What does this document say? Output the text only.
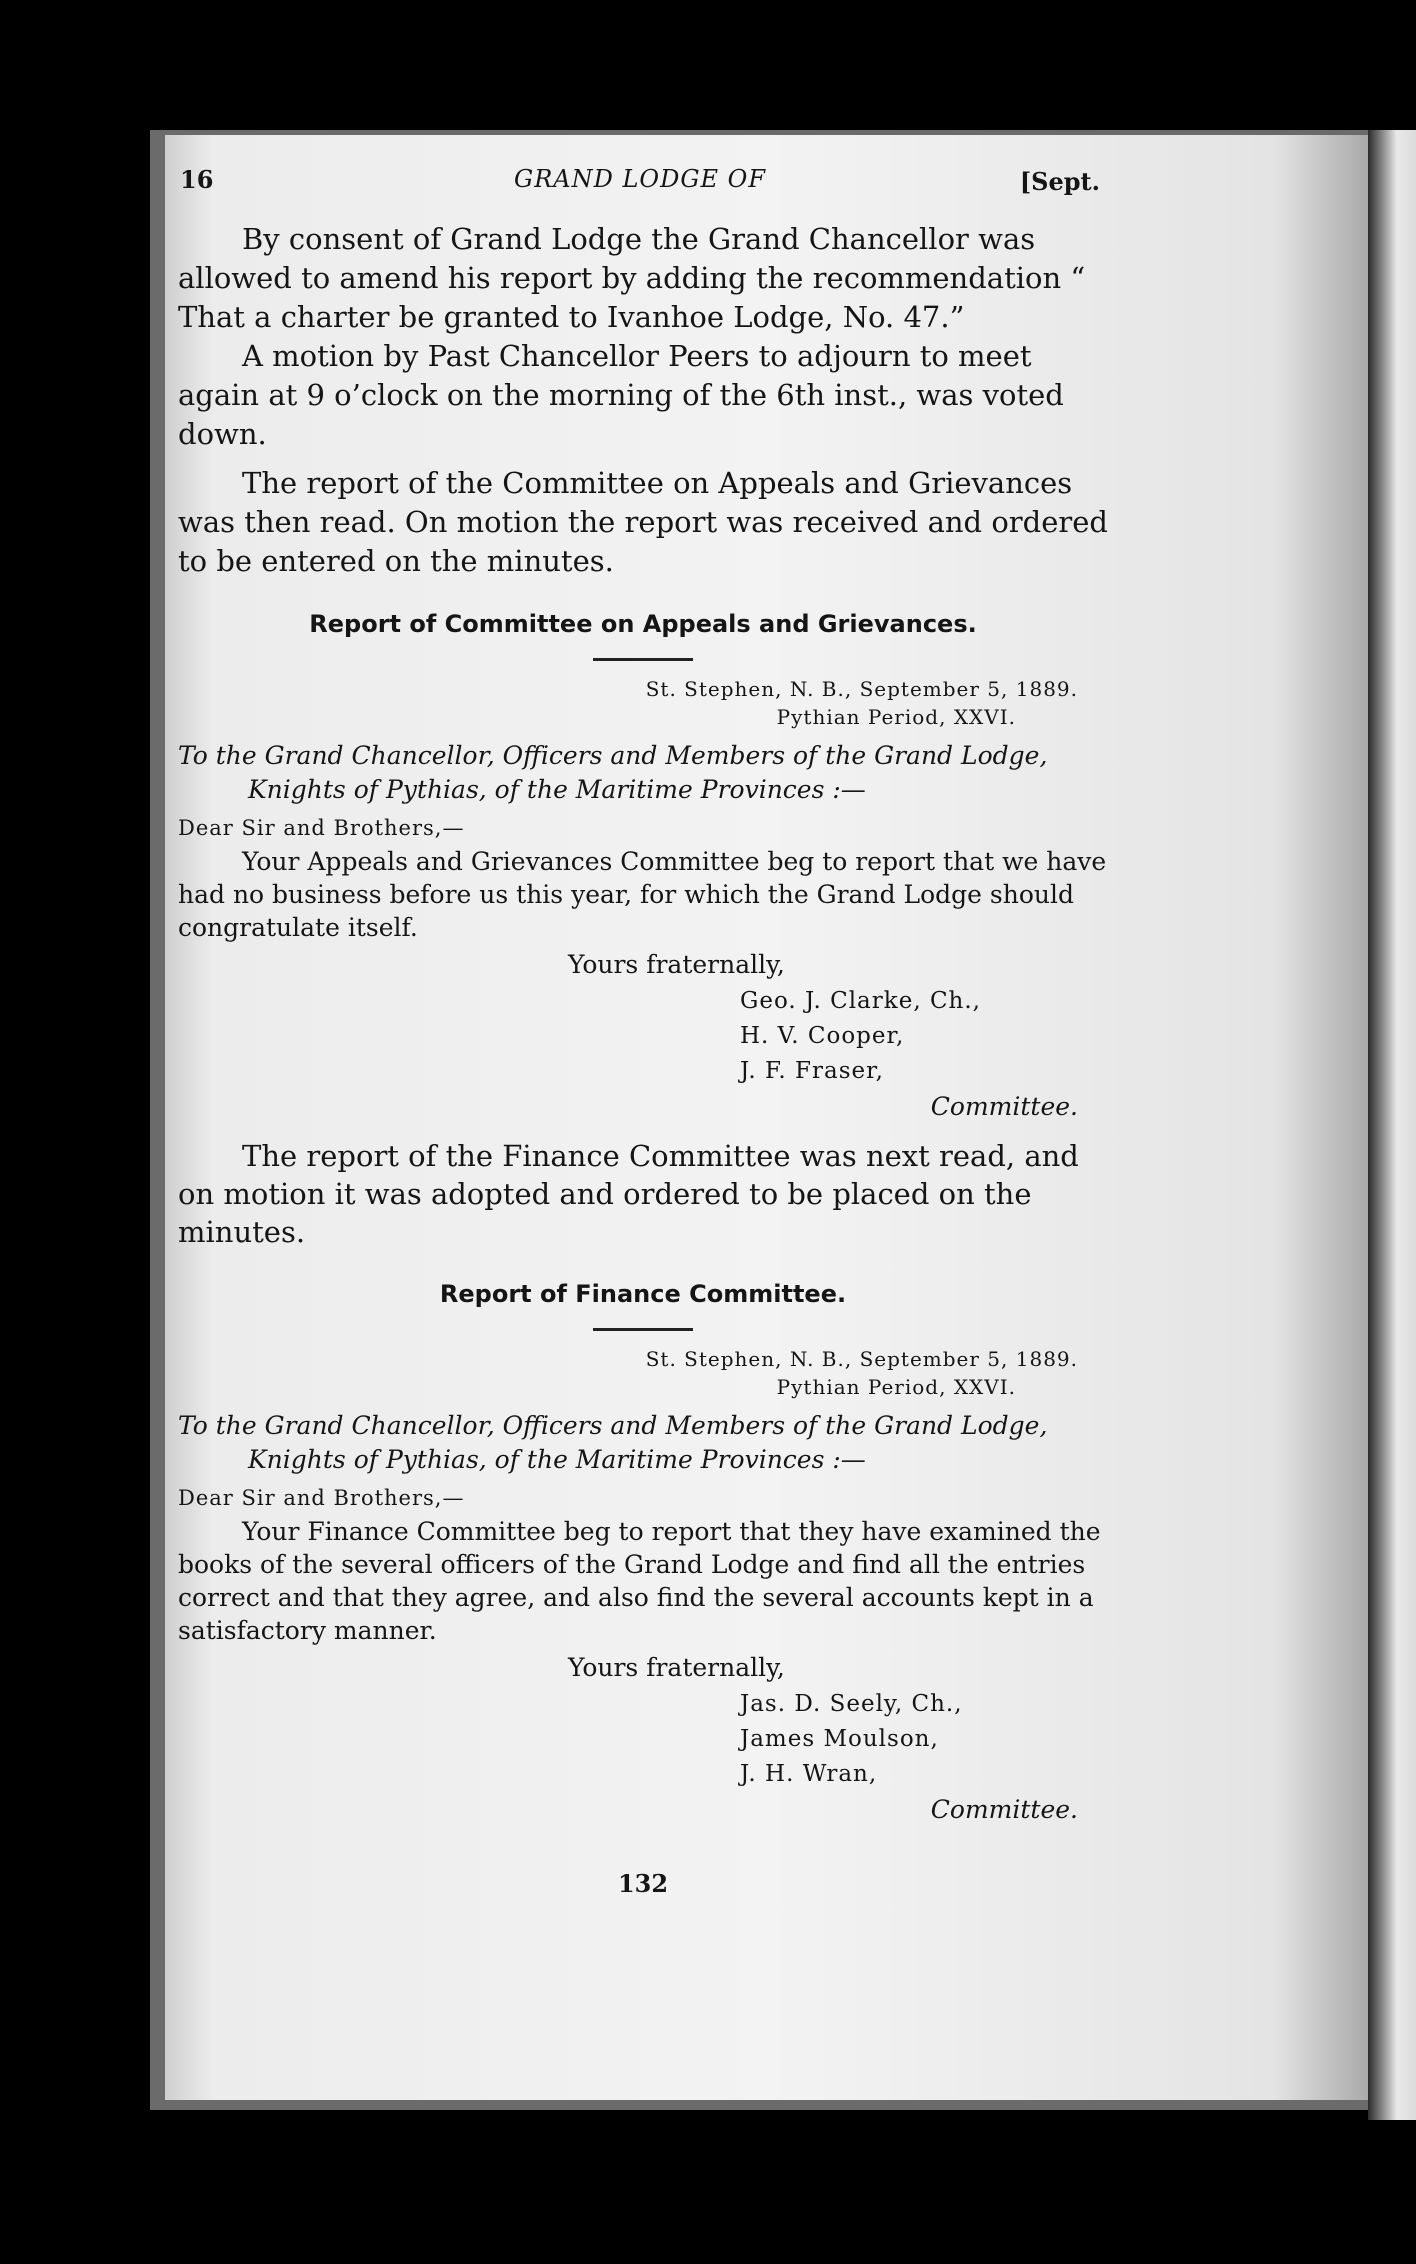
16	GRAND LODGE OF	[Sept.

By consent of Grand Lodge the Grand Chancellor was allowed to amend his report by adding the recommendation “ That a charter be granted to Ivanhoe Lodge, No. 47.”

A motion by Past Chancellor Peers to adjourn to meet again at 9 o’clock on the morning of the 6th inst., was voted down.

The report of the Committee on Appeals and Grievances was then read. On motion the report was received and ordered to be entered on the minutes.

Report of Committee on Appeals and Grievances.
St. Stephen, N. B., September 5, 1889.
Pythian Period, XXVI.
To the Grand Chancellor, Officers and Members of the Grand Lodge,
Knights of Pythias, of the Maritime Provinces :—
Dear Sir and Brothers,—

Your Appeals and Grievances Committee beg to report that we have had no business before us this year, for which the Grand Lodge should congratulate itself.

Yours fraternally,
Geo. J. Clarke, Ch.,
H. V. Cooper,
J. F. Fraser,
Committee.

The report of the Finance Committee was next read, and on motion it was adopted and ordered to be placed on the minutes.

Report of Finance Committee.
St. Stephen, N. B., September 5, 1889.
Pythian Period, XXVI.
To the Grand Chancellor, Officers and Members of the Grand Lodge,
Knights of Pythias, of the Maritime Provinces :—
Dear Sir and Brothers,—

Your Finance Committee beg to report that they have examined the books of the several officers of the Grand Lodge and find all the entries correct and that they agree, and also find the several accounts kept in a satisfactory manner.

Yours fraternally,
Jas. D. Seely, Ch.,
James Moulson,
J. H. Wran,
Committee.
132
